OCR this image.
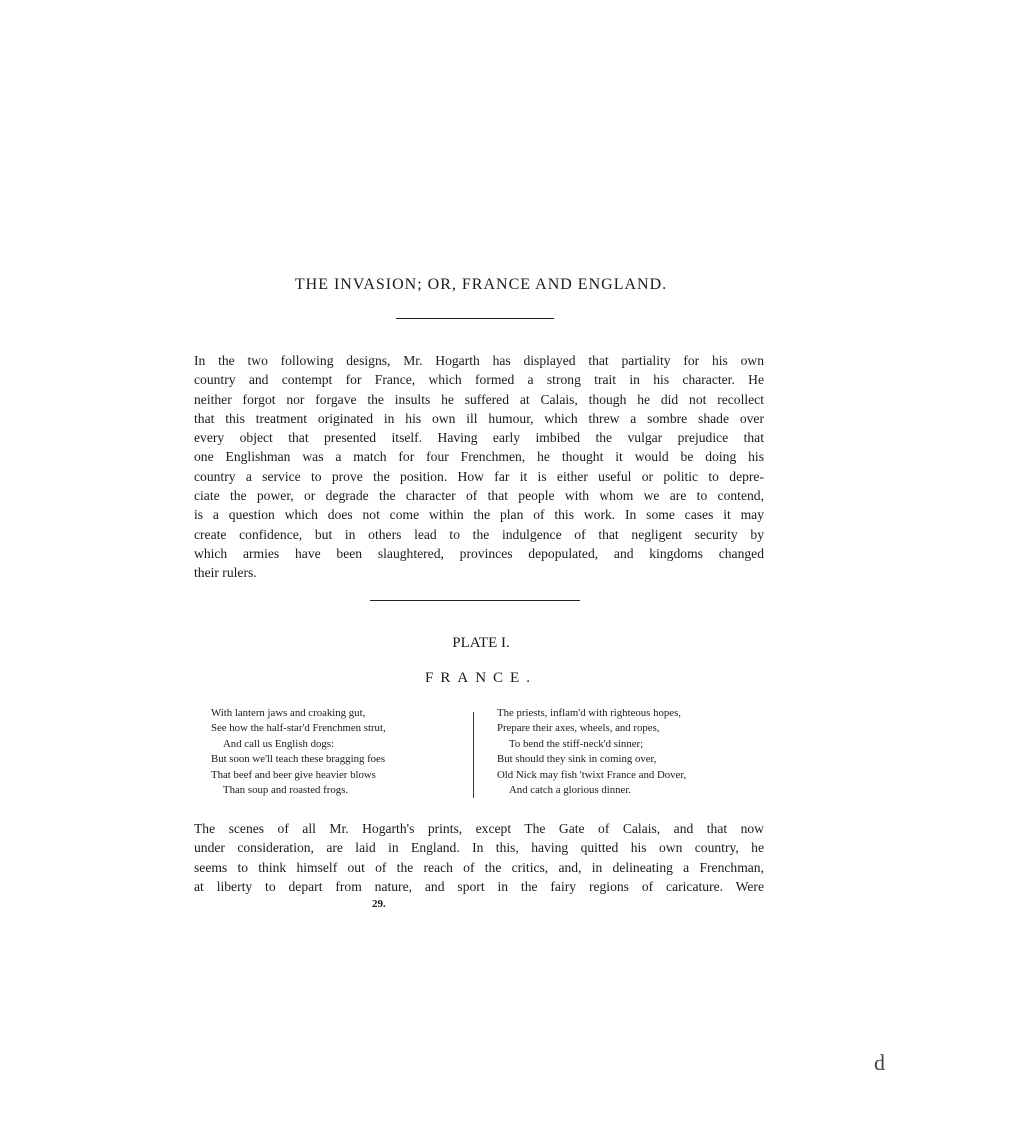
THE INVASION; OR, FRANCE AND ENGLAND.
In the two following designs, Mr. Hogarth has displayed that partiality for his own
country and contempt for France, which formed a strong trait in his character. He
neither forgot nor forgave the insults he suffered at Calais, though he did not recollect
that this treatment originated in his own ill humour, which threw a sombre shade over
every object that presented itself. Having early imbibed the vulgar prejudice that
one Englishman was a match for four Frenchmen, he thought it would be doing his
country a service to prove the position. How far it is either useful or politic to depre-
ciate the power, or degrade the character of that people with whom we are to contend,
is a question which does not come within the plan of this work. In some cases it may
create confidence, but in others lead to the indulgence of that negligent security by
which armies have been slaughtered, provinces depopulated, and kingdoms changed
their rulers.
PLATE I.
FRANCE.
With lantern jaws and croaking gut,
See how the half-star'd Frenchmen strut,
And call us English dogs:
But soon we'll teach these bragging foes
That beef and beer give heavier blows
Than soup and roasted frogs.
The priests, inflam'd with righteous hopes,
Prepare their axes, wheels, and ropes,
To bend the stiff-neck'd sinner;
But should they sink in coming over,
Old Nick may fish 'twixt France and Dover,
And catch a glorious dinner.
The scenes of all Mr. Hogarth's prints, except The Gate of Calais, and that now
under consideration, are laid in England. In this, having quitted his own country, he
seems to think himself out of the reach of the critics, and, in delineating a Frenchman,
at liberty to depart from nature, and sport in the fairy regions of caricature. Were
29.
d
